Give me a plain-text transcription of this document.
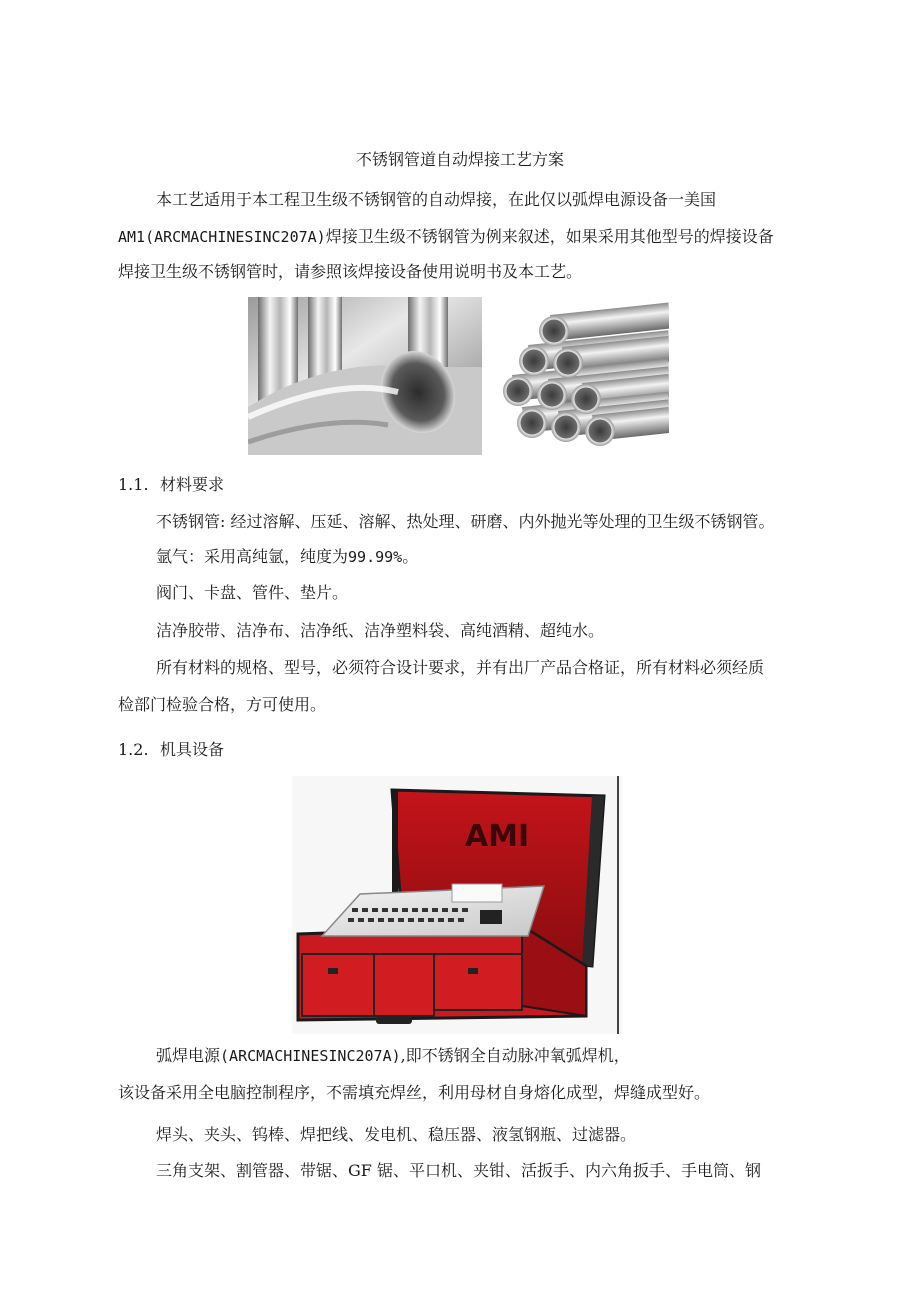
不锈钢管道自动焊接工艺方案
本工艺适用于本工程卫生级不锈钢管的自动焊接，在此仅以弧焊电源设备一美国
AM1(ARCMACHINESINC207A)焊接卫生级不锈钢管为例来叙述，如果采用其他型号的焊接设备
焊接卫生级不锈钢管时，请参照该焊接设备使用说明书及本工艺。
1.1. 材料要求
不锈钢管: 经过溶解、压延、溶解、热处理、研磨、内外抛光等处理的卫生级不锈钢管。
氩气：采用高纯氩，纯度为99.99%。
阀门、卡盘、管件、垫片。
洁净胶带、洁净布、洁净纸、洁净塑料袋、高纯酒精、超纯水。
所有材料的规格、型号，必须符合设计要求，并有出厂产品合格证，所有材料必须经质
检部门检验合格，方可使用。
1.2. 机具设备
AMI
弧焊电源(ARCMACHINESINC207A),即不锈钢全自动脉冲氧弧焊机，
该设备采用全电脑控制程序，不需填充焊丝，利用母材自身熔化成型，焊缝成型好。
焊头、夹头、钨棒、焊把线、发电机、稳压器、液氢钢瓶、过滤器。
三角支架、割管器、带锯、GF 锯、平口机、夹钳、活扳手、内六角扳手、手电筒、钢
